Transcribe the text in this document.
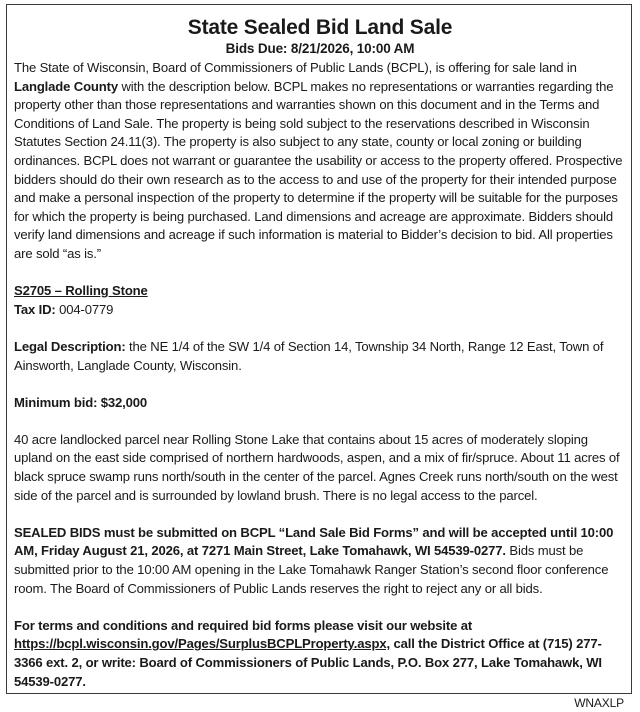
State Sealed Bid Land Sale
Bids Due: 8/21/2026, 10:00 AM

The State of Wisconsin, Board of Commissioners of Public Lands (BCPL), is offering for sale land in
Langlade County with the description below. BCPL makes no representations or warranties regarding the property other than those representations and warranties shown on this document and in the Terms and Conditions of Land Sale. The property is being sold subject to the reservations described in Wisconsin Statutes Section 24.11(3). The property is also subject to any state, county or local zoning or building ordinances. BCPL does not warrant or guarantee the usability or access to the property offered. Prospective bidders should do their own research as to the access to and use of the property for their intended purpose and make a personal inspection of the property to determine if the property will be suitable for the purposes for which the property is being purchased. Land dimensions and acreage are approximate. Bidders should verify land dimensions and acreage if such information is material to Bidder’s decision to bid. All properties are sold “as is.”

S2705 – Rolling Stone

Tax ID: 004-0779

Legal Description: the NE 1/4 of the SW 1/4 of Section 14, Township 34 North, Range 12 East, Town of Ainsworth, Langlade County, Wisconsin.

Minimum bid: $32,000

40 acre landlocked parcel near Rolling Stone Lake that contains about 15 acres of moderately sloping upland on the east side comprised of northern hardwoods, aspen, and a mix of fir/spruce. About 11 acres of black spruce swamp runs north/south in the center of the parcel. Agnes Creek runs north/south on the west side of the parcel and is surrounded by lowland brush. There is no legal access to the parcel.

SEALED BIDS must be submitted on BCPL “Land Sale Bid Forms” and will be accepted until 10:00 AM, Friday August 21, 2026, at 7271 Main Street, Lake Tomahawk, WI 54539-0277. Bids must be submitted prior to the 10:00 AM opening in the Lake Tomahawk Ranger Station’s second floor conference room. The Board of Commissioners of Public Lands reserves the right to reject any or all bids.

For terms and conditions and required bid forms please visit our website at https://bcpl.wisconsin.gov/Pages/SurplusBCPLProperty.aspx, call the District Office at (715) 277-3366 ext. 2, or write: Board of Commissioners of Public Lands, P.O. Box 277, Lake Tomahawk, WI 54539-0277.

WNAXLP
